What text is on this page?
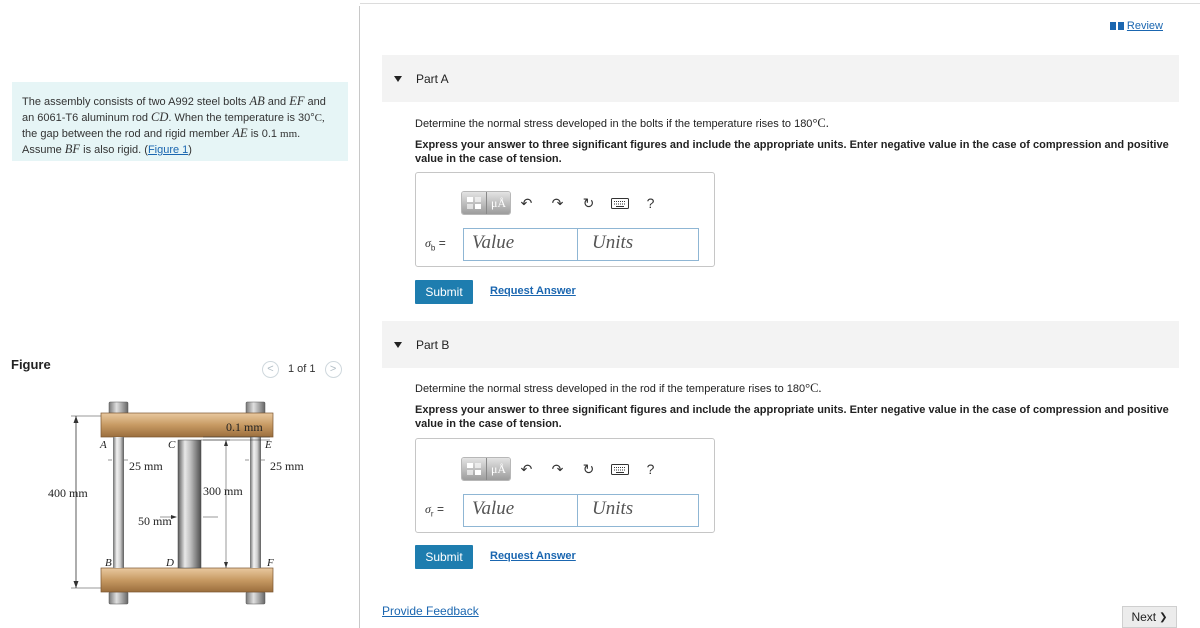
The assembly consists of two A992 steel bolts AB and EF and
an 6061-T6 aluminum rod CD. When the temperature is 30°C,
the gap between the rod and rigid member AE is 0.1 mm.
Assume BF is also rigid. (Figure 1)
Figure	<	1 of 1	>
0.1 mm
A	C	E
25 mm	25 mm
400 mm	300 mm
50 mm
B	D	F
Review
Part A
Determine the normal stress developed in the bolts if the temperature rises to 180°C.
Express your answer to three significant figures and include the appropriate units. Enter negative value in the case of compression and positive value in the case of tension.
μÅ ↶ ↷ ↻	?
$\sigma_b$ =	Value	Units
Submit	Request Answer
Part B
Determine the normal stress developed in the rod if the temperature rises to 180°C.
Express your answer to three significant figures and include the appropriate units. Enter negative value in the case of compression and positive value in the case of tension.
μÅ ↶ ↷ ↻	?
$\sigma_r$ =	Value	Units
Submit	Request Answer
Provide Feedback	Next ❯
